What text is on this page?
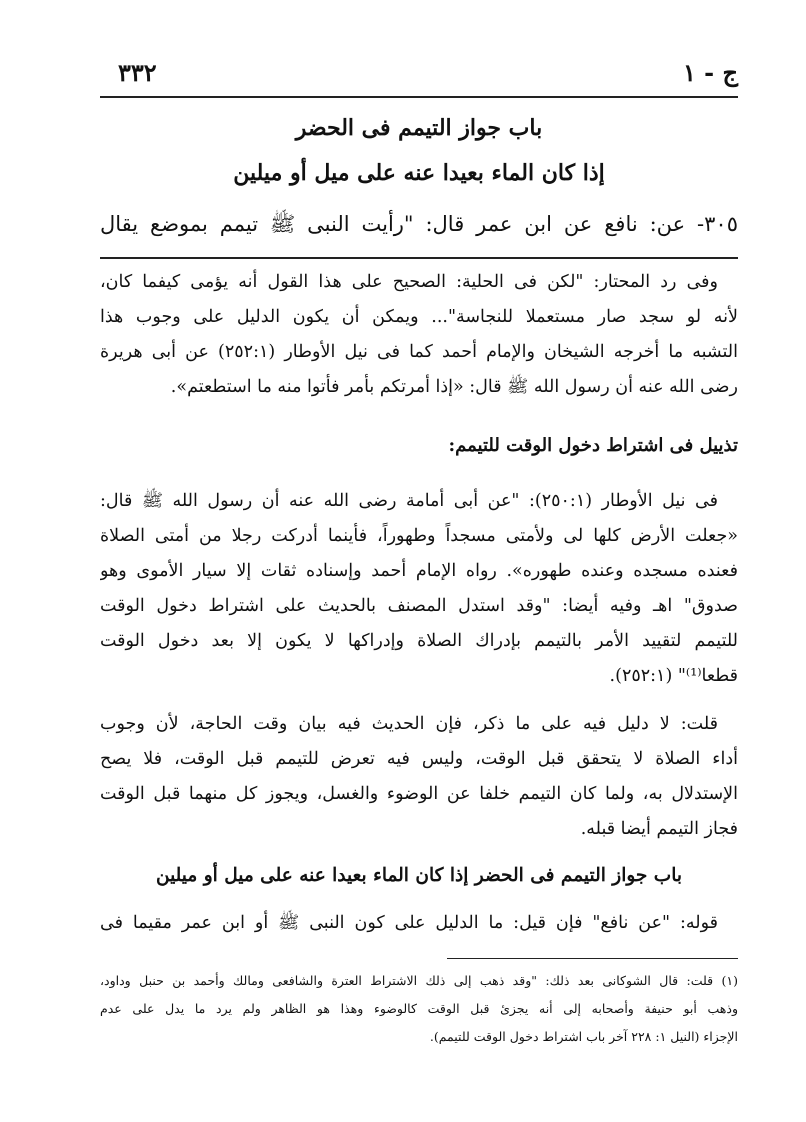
ج - ١
٣٣٢
باب جواز التيمم فى الحضر
إذا كان الماء بعيدا عنه على ميل أو ميلين
٣٠٥- عن: نافع عن ابن عمر قال: "رأيت النبى ﷺ تيمم بموضع يقال
وفى رد المحتار: "لكن فى الحلية: الصحيح على هذا القول أنه يؤمى كيفما كان،
لأنه لو سجد صار مستعملا للنجاسة"... ويمكن أن يكون الدليل على وجوب هذا
التشبه ما أخرجه الشيخان والإمام أحمد كما فى نيل الأوطار (٢٥٢:١) عن أبى هريرة
رضى الله عنه أن رسول الله ﷺ قال: «إذا أمرتكم بأمر فأتوا منه ما استطعتم».
تذييل فى اشتراط دخول الوقت للتيمم:
فى نيل الأوطار (٢٥٠:١): "عن أبى أمامة رضى الله عنه أن رسول الله ﷺ قال:
«جعلت الأرض كلها لى ولأمتى مسجداً وطهوراً، فأينما أدركت رجلا من أمتى الصلاة
فعنده مسجده وعنده طهوره». رواه الإمام أحمد وإسناده ثقات إلا سيار الأموى وهو
صدوق" اهـ وفيه أيضا: "وقد استدل المصنف بالحديث على اشتراط دخول الوقت
للتيمم لتقييد الأمر بالتيمم بإدراك الصلاة وإدراكها لا يكون إلا بعد دخول الوقت
قطعا⁽¹⁾" (٢٥٢:١).
قلت: لا دليل فيه على ما ذكر، فإن الحديث فيه بيان وقت الحاجة، لأن وجوب
أداء الصلاة لا يتحقق قبل الوقت، وليس فيه تعرض للتيمم قبل الوقت، فلا يصح
الإستدلال به، ولما كان التيمم خلفا عن الوضوء والغسل، ويجوز كل منهما قبل الوقت
فجاز التيمم أيضا قبله.
باب جواز التيمم فى الحضر إذا كان الماء بعيدا عنه على ميل أو ميلين
قوله: "عن نافع" فإن قيل: ما الدليل على كون النبى ﷺ أو ابن عمر مقيما فى
(١) قلت: قال الشوكانى بعد ذلك: "وقد ذهب إلى ذلك الاشتراط العترة والشافعى ومالك وأحمد بن حنبل وداود،
وذهب أبو حنيفة وأصحابه إلى أنه يجزئ قبل الوقت كالوضوء وهذا هو الظاهر ولم يرد ما يدل على عدم
الإجزاء (النيل ١: ٢٢٨ آخر باب اشتراط دخول الوقت للتيمم).
